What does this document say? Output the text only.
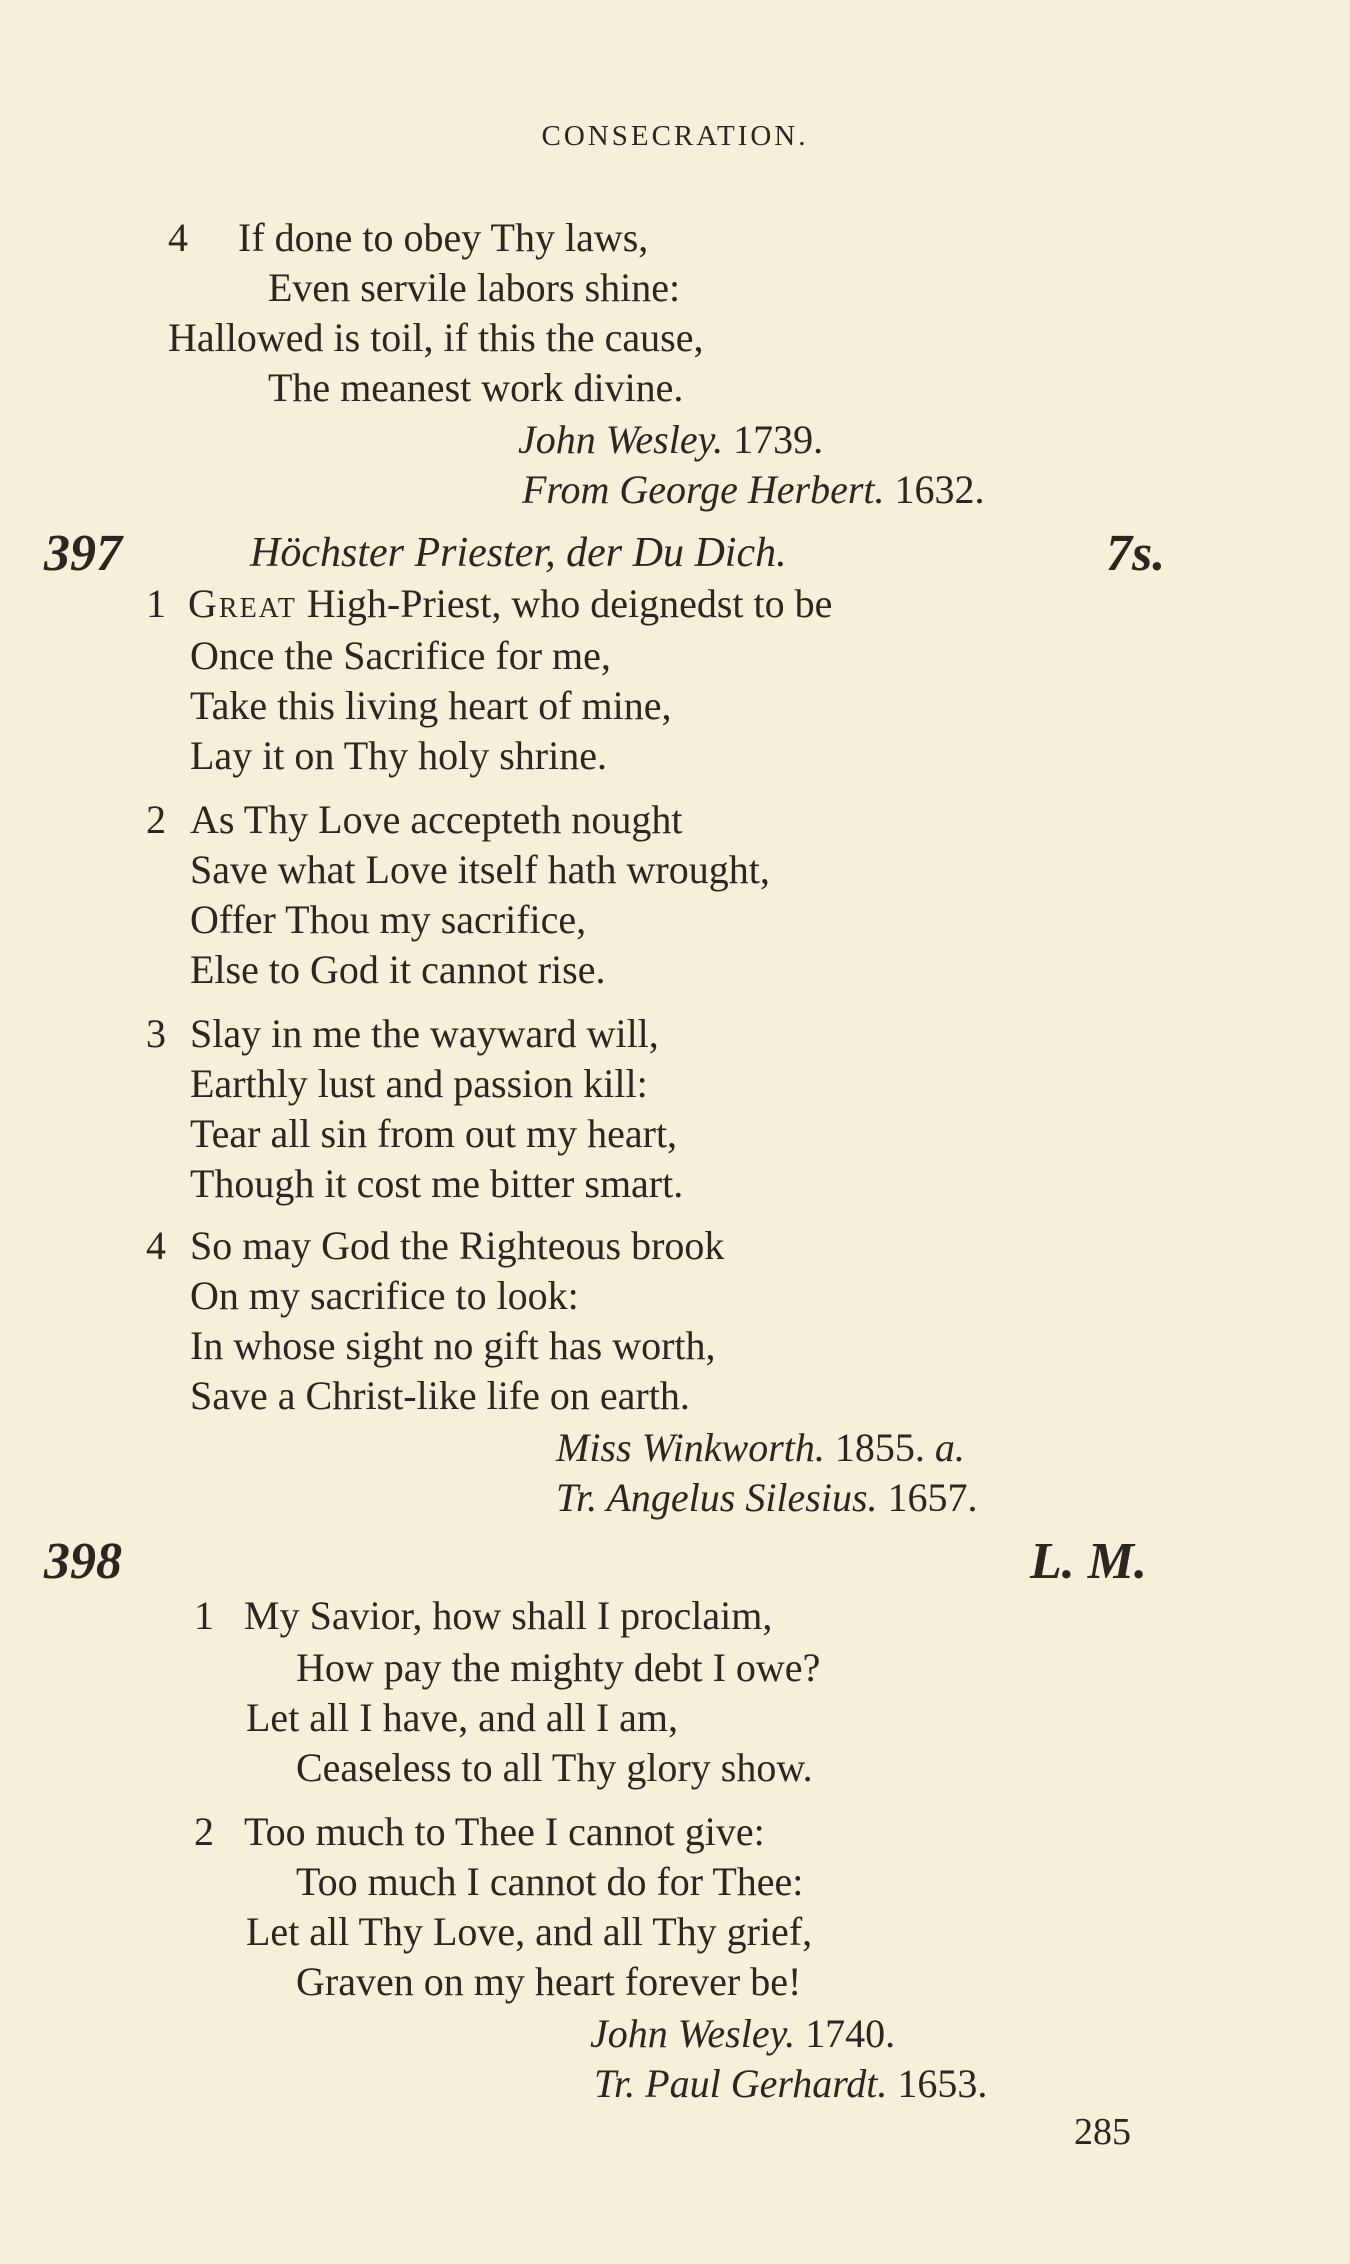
CONSECRATION.
4 If done to obey Thy laws,
Even servile labors shine:
Hallowed is toil, if this the cause,
The meanest work divine.
John Wesley. 1739.
From George Herbert. 1632.
397	Höchster Priester, der Du Dich.	7s.
1 Great High-Priest, who deignedst to be
Once the Sacrifice for me,
Take this living heart of mine,
Lay it on Thy holy shrine.
2 As Thy Love accepteth nought
Save what Love itself hath wrought,
Offer Thou my sacrifice,
Else to God it cannot rise.
3 Slay in me the wayward will,
Earthly lust and passion kill:
Tear all sin from out my heart,
Though it cost me bitter smart.
4 So may God the Righteous brook
On my sacrifice to look:
In whose sight no gift has worth,
Save a Christ-like life on earth.
Miss Winkworth. 1855. a.
Tr. Angelus Silesius. 1657.
398	L. M.
1 My Savior, how shall I proclaim,
How pay the mighty debt I owe?
Let all I have, and all I am,
Ceaseless to all Thy glory show.
2 Too much to Thee I cannot give:
Too much I cannot do for Thee:
Let all Thy Love, and all Thy grief,
Graven on my heart forever be!
John Wesley. 1740.
Tr. Paul Gerhardt. 1653.
285
